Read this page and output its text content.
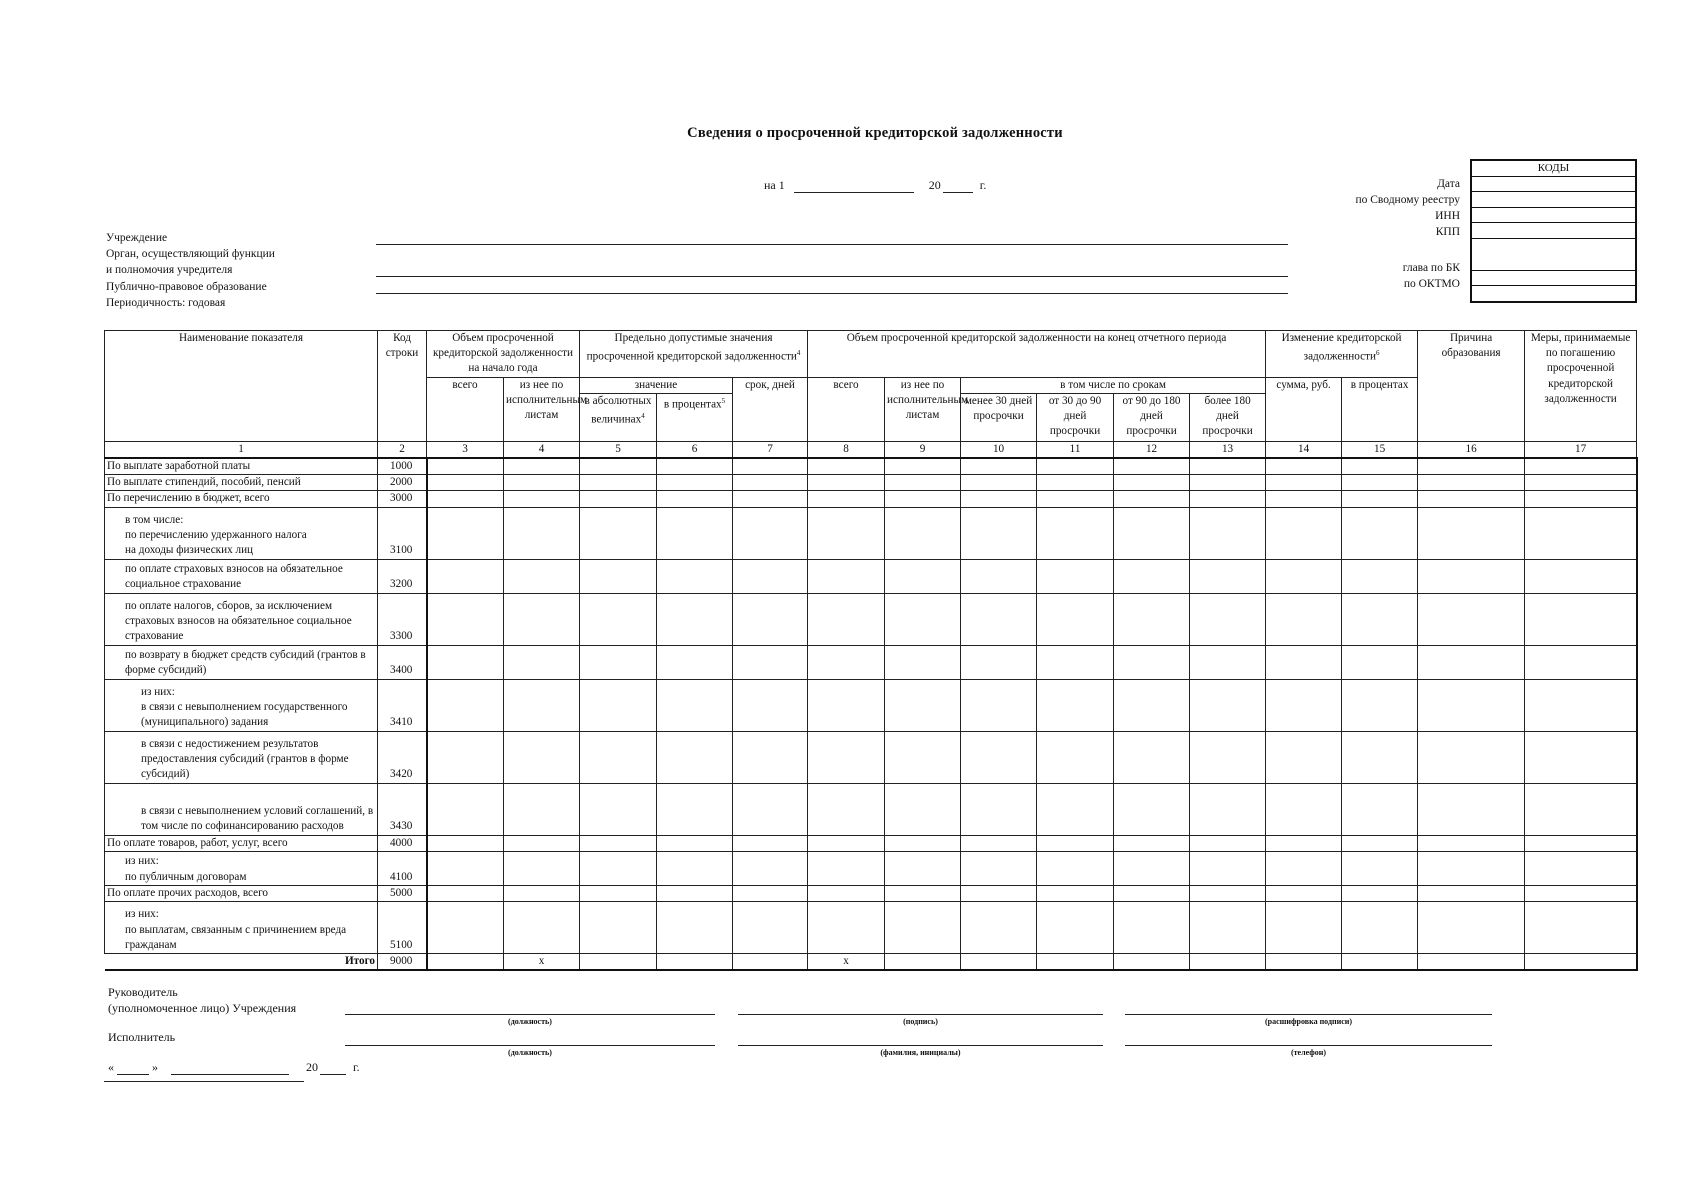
Сведения о просроченной кредиторской задолженности
на 1	20	г.
КОДЫ

Дата
по Сводному реестру
ИНН
КПП
глава по БК
по ОКТМО
Учреждение
Орган, осуществляющий функции
и полномочия учредителя
Публично-правовое образование
Периодичность: годовая
Наименование показателя	Код строки	Объем просроченной кредиторской задолженности на начало года		Предельно допустимые значения просроченной кредиторской задолженности$^4$			Объем просроченной кредиторской задолженности на конец отчетного периода						Изменение кредиторской задолженности$^6$		Причина образования	Меры, принимаемые по погашению просроченной кредиторской задолженности
		всего	из нее по исполнительным листам	значение		срок, дней	всего	из нее по исполнительным листам	в том числе по срокам				сумма, руб.	в процентах		
				в абсолютных величинах$^4$	в процентах$^5$				менее 30 дней просрочки	от 30 до 90 дней просрочки	от 90 до 180 дней просрочки	более 180 дней просрочки				
1	2	3	4	5	6	7	8	9	10	11	12	13	14	15	16	17
По выплате заработной платы	1000															
По выплате стипендий, пособий, пенсий	2000															
По перечислению в бюджет, всего	3000															
в том числе:
по перечислению удержанного налога
на доходы физических лиц	3100															
по оплате страховых взносов на обязательное социальное страхование	3200															
по оплате налогов, сборов, за исключением страховых взносов на обязательное социальное страхование	3300															
по возврату в бюджет средств субсидий (грантов в форме субсидий)	3400															
из них:
в связи с невыполнением государственного (муниципального) задания	3410															
в связи с недостижением результатов предоставления субсидий (грантов в форме субсидий)	3420															
в связи с невыполнением условий соглашений, в том числе по софинансированию расходов	3430															
По оплате товаров, работ, услуг, всего	4000															
из них:
по публичным договорам	4100															
По оплате прочих расходов, всего	5000															
из них:
по выплатам, связанным с причинением вреда гражданам	5100															
Итого	9000		x				x									
Руководитель
(уполномоченное лицо) Учреждения
(должность)	(подпись)	(расшифровка подписи)
Исполнитель
(должность)	(фамилия, инициалы)	(телефон)
«	»	20	г.
